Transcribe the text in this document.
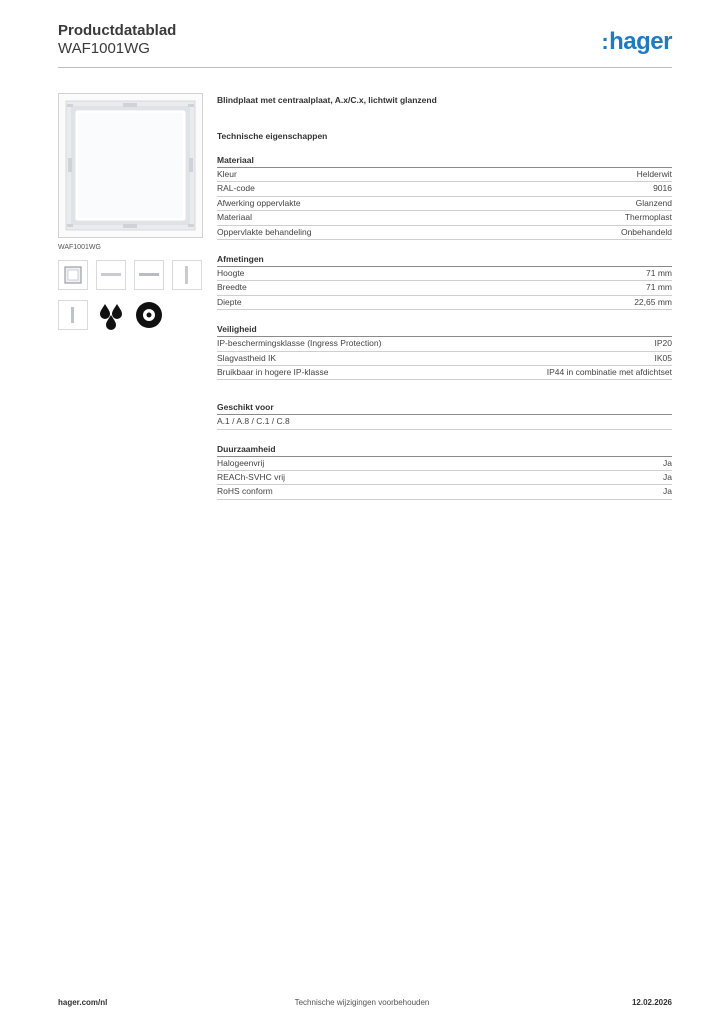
Productdatablad
WAF1001WG	:hager
WAF1001WG

Blindplaat met centraalplaat, A.x/C.x, lichtwit glanzend

Technische eigenschappen
Materiaal
Kleur	Helderwit
RAL-code	9016
Afwerking oppervlakte	Glanzend
Materiaal	Thermoplast
Oppervlakte behandeling	Onbehandeld
Afmetingen
Hoogte	71 mm
Breedte	71 mm
Diepte	22,65 mm
Veiligheid
IP-beschermingsklasse (Ingress Protection)	IP20
Slagvastheid IK	IK05
Bruikbaar in hogere IP-klasse	IP44 in combinatie met afdichtset
Geschikt voor
A.1 / A.8 / C.1 / C.8
Duurzaamheid
Halogeenvrij	Ja
REACh-SVHC vrij	Ja
RoHS conform	Ja
hager.com/nl	Technische wijzigingen voorbehouden	12.02.2026
